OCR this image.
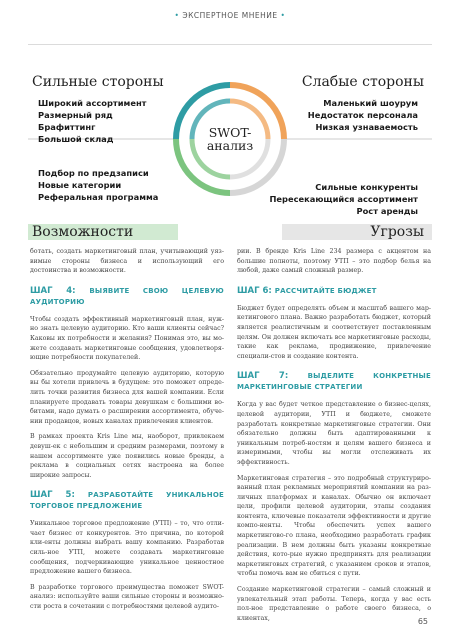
• ЭКСПЕРТНОЕ МНЕНИЕ •
Сильные стороны
Широкий ассортимент
Размерный ряд
Брафиттинг
Большой склад
Слабые стороны
Маленький шоурум
Недостаток персонала
Низкая узнаваемость
SWOT-
анализ
Подбор по предзаписи
Новые категории
Реферальная программа
Возможности
Сильные конкуренты
Пересекающийся ассортимент
Рост аренды
Угрозы

ботать, создать маркетинговый план, учитывающий уяз-вимые стороны бизнеса и использующий его достоинства и возможности.

ШАГ 4: ВЫЯВИТЕ СВОЮ ЦЕЛЕВУЮ АУДИТОРИЮ

Чтобы создать эффективный маркетинговый план, нуж-но знать целевую аудиторию. Кто ваши клиенты сейчас? Каковы их потребности и желания? Понимая это, вы мо-жете создавать маркетинговые сообщения, удовлетворя-ющие потребности покупателей.

Обязательно продумайте целевую аудиторию, которую вы бы хотели привлечь в будущем: это поможет опреде-лить точки развития бизнеса для вашей компании. Если планируете продавать товары девушкам с большими во-битами, надо думать о расширении ассортимента, обуче-нии продавцов, новых каналах привлечения клиентов.

В рамках проекта Kris Line мы, наоборот, привлекаем девуш-ек с небольшим и средним размерами, поэтому в нашем ассортименте уже появились новые бренды, а реклама в социальных сетях настроена на более широкие запросы.

ШАГ 5: РАЗРАБОТАЙТЕ УНИКАЛЬНОЕ ТОРГОВОЕ ПРЕДЛОЖЕНИЕ

Уникальное торговое предложение (УТП) – то, что отли-чает бизнес от конкурентов. Это причина, по которой кли-енты должны выбрать вашу компанию. Разработав силь-ное УТП, можете создавать маркетинговые сообщения, подчеркивающие уникальное ценностное предложение вашего бизнеса.

В разработке торгового преимущества поможет SWOT-анализ: используйте ваши сильные стороны и возможно-сти роста в сочетании с потребностями целевой аудито-

рии. В бренде Kris Line 234 размера с акцентом на большие полноты, поэтому УТП – это подбор белья на любой, даже самый сложный размер.

ШАГ 6: РАССЧИТАЙТЕ БЮДЖЕТ

Бюджет будет определять объем и масштаб вашего мар-кетингового плана. Важно разработать бюджет, который является реалистичным и соответствует поставленным целям. Он должен включать все маркетинговые расходы, такие как реклама, продвижение, привлечение специали-стов и создание контента.

ШАГ 7:	ВЫДЕЛИТЕ КОНКРЕТНЫЕ МАРКЕТИНГОВЫЕ СТРАТЕГИИ

Когда у вас будет четкое представление о бизнес-целях, целевой аудитории, УТП и бюджете, сможете разработать конкретные маркетинговые стратегии. Они обязательно должны быть адаптированными к уникальным потреб-ностям и целям вашего бизнеса и измеримыми, чтобы вы могли отслеживать их эффективность.

Маркетинговая стратегия – это подробный структуриро-ванный план рекламных мероприятий компании на раз-личных платформах и каналах. Обычно он включает цели, профили целевой аудитории, этапы создания контента, ключевые показатели эффективности и другие компо-ненты. Чтобы обеспечить успех вашего маркетингово-го плана, необходимо разработать график реализации. В нем должны быть указаны конкретные действия, кото-рые нужно предпринять для реализации маркетинговых стратегий, с указанием сроков и этапов, чтобы помочь вам не сбиться с пути.

Создание маркетинговой стратегии – самый сложный и увлекательный этап работы. Теперь, когда у вас есть пол-ное представление о работе своего бизнеса, о клиентах,	65
